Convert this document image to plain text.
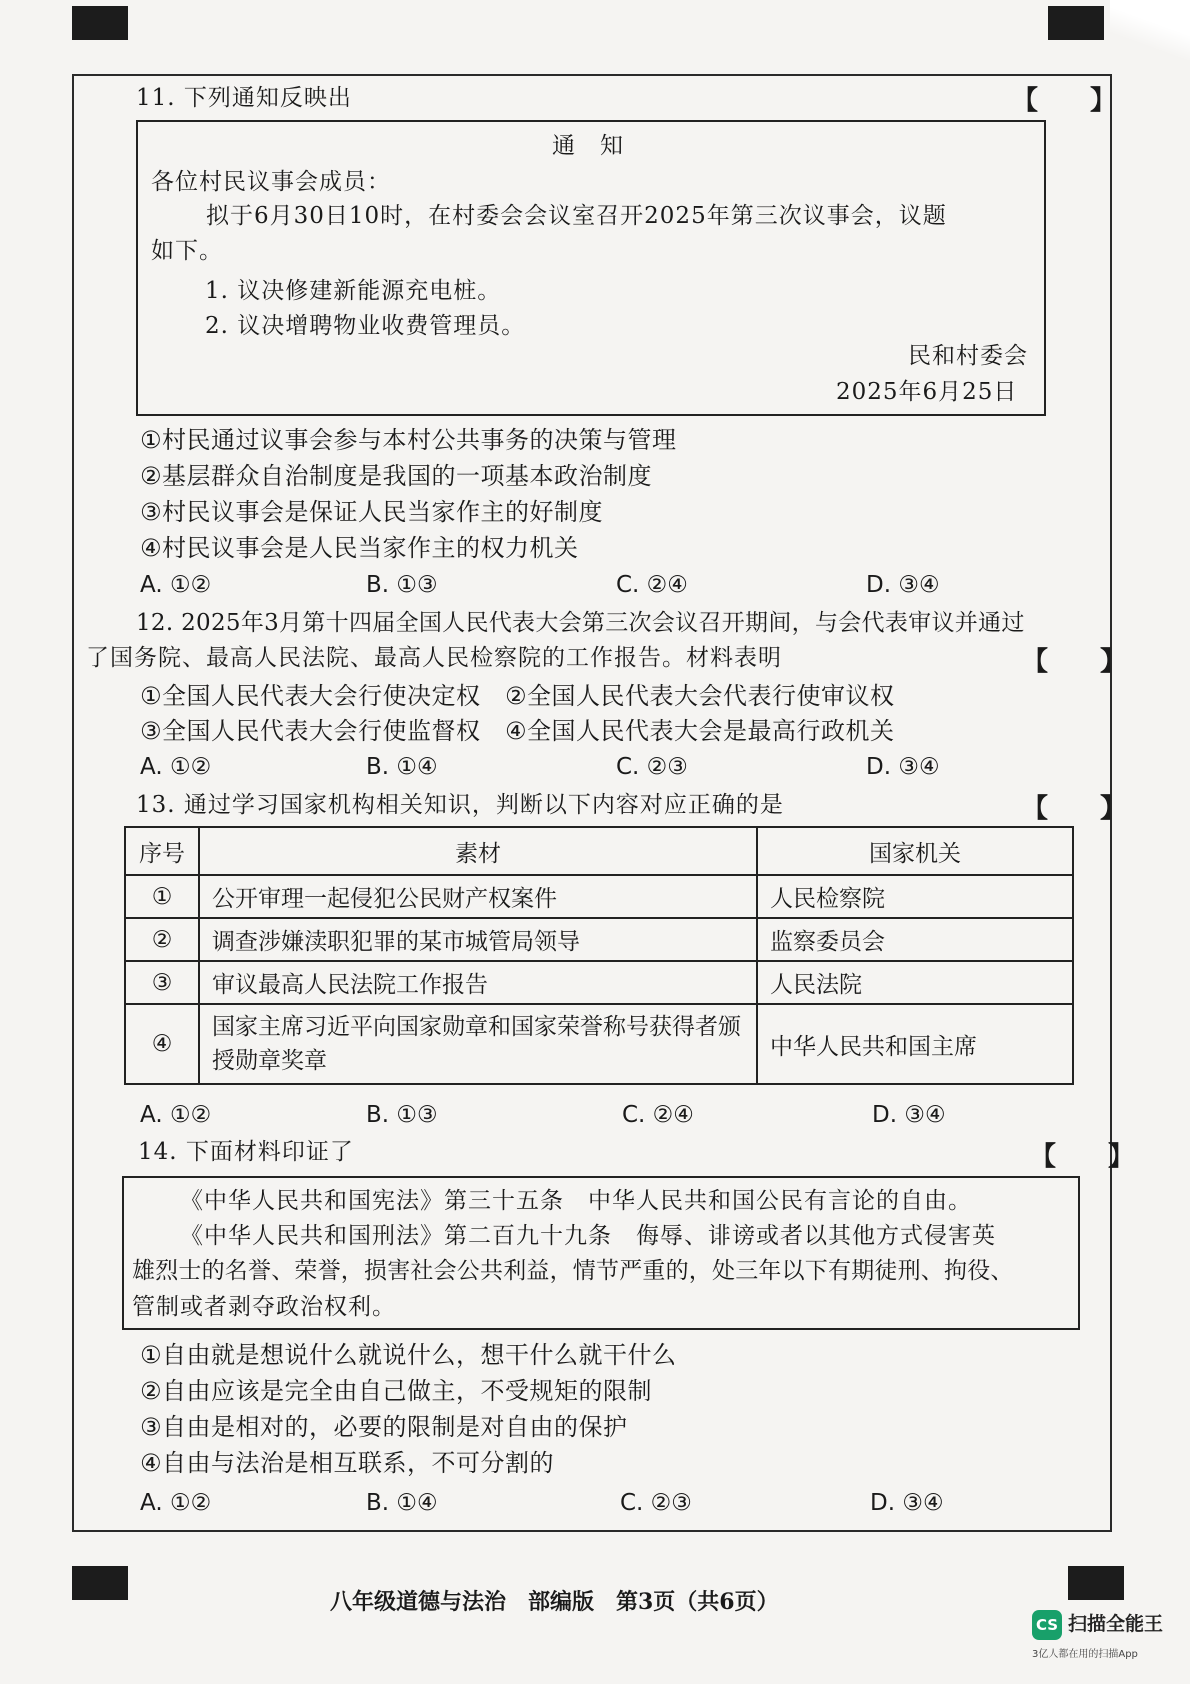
11. 下列通知反映出	【　　】
通　知
各位村民议事会成员：
拟于6月30日10时，在村委会会议室召开2025年第三次议事会，议题
如下。
1. 议决修建新能源充电桩。
2. 议决增聘物业收费管理员。
民和村委会
2025年6月25日
①村民通过议事会参与本村公共事务的决策与管理
②基层群众自治制度是我国的一项基本政治制度
③村民议事会是保证人民当家作主的好制度
④村民议事会是人民当家作主的权力机关
A. ①②	B. ①③	C. ②④	D. ③④
12. 2025年3月第十四届全国人民代表大会第三次会议召开期间，与会代表审议并通过
了国务院、最高人民法院、最高人民检察院的工作报告。材料表明	【　　】
①全国人民代表大会行使决定权　②全国人民代表大会代表行使审议权
③全国人民代表大会行使监督权　④全国人民代表大会是最高行政机关
A. ①②	B. ①④	C. ②③	D. ③④
13. 通过学习国家机构相关知识，判断以下内容对应正确的是	【　　】
序号	素材	国家机关
①	公开审理一起侵犯公民财产权案件	人民检察院
②	调查涉嫌渎职犯罪的某市城管局领导	监察委员会
③	审议最高人民法院工作报告	人民法院
④	国家主席习近平向国家勋章和国家荣誉称号获得者颁授勋章奖章	中华人民共和国主席
A. ①②	B. ①③	C. ②④	D. ③④
14. 下面材料印证了	【　　】
《中华人民共和国宪法》第三十五条　中华人民共和国公民有言论的自由。
《中华人民共和国刑法》第二百九十九条　侮辱、诽谤或者以其他方式侵害英
雄烈士的名誉、荣誉，损害社会公共利益，情节严重的，处三年以下有期徒刑、拘役、
管制或者剥夺政治权利。
①自由就是想说什么就说什么，想干什么就干什么
②自由应该是完全由自己做主，不受规矩的限制
③自由是相对的，必要的限制是对自由的保护
④自由与法治是相互联系，不可分割的
A. ①②	B. ①④	C. ②③	D. ③④
八年级道德与法治　部编版　第3页（共6页）
CS 扫描全能王
3亿人都在用的扫描App
